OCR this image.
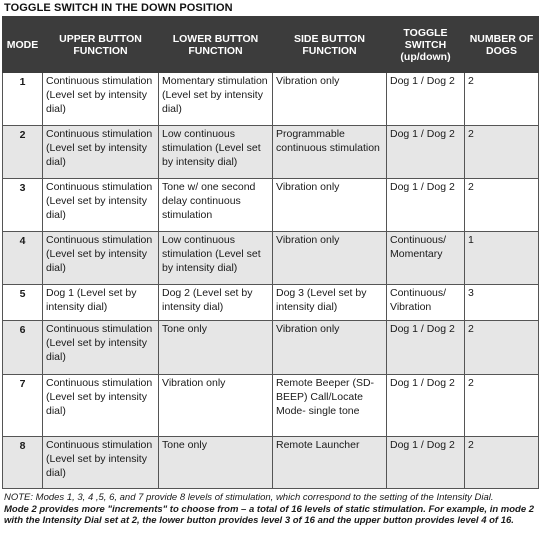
TOGGLE SWITCH IN THE DOWN POSITION
MODE	UPPER BUTTON FUNCTION	LOWER BUTTON FUNCTION	SIDE BUTTON FUNCTION	TOGGLE SWITCH (up/down)	NUMBER OF DOGS
1	Continuous stimulation (Level set by intensity dial)	Momentary stimulation (Level set by intensity dial)	Vibration only	Dog 1 / Dog 2	2
2	Continuous stimulation (Level set by intensity dial)	Low continuous stimulation (Level set by intensity dial)	Programmable continuous stimulation	Dog 1 / Dog 2	2
3	Continuous stimulation (Level set by intensity dial)	Tone w/ one second delay continuous stimulation	Vibration only	Dog 1 / Dog 2	2
4	Continuous stimulation (Level set by intensity dial)	Low continuous stimulation (Level set by intensity dial)	Vibration only	Continuous/ Momentary	1
5	Dog 1 (Level set by intensity dial)	Dog 2 (Level set by intensity dial)	Dog 3 (Level set by intensity dial)	Continuous/ Vibration	3
6	Continuous stimulation (Level set by intensity dial)	Tone only	Vibration only	Dog 1 / Dog 2	2
7	Continuous stimulation (Level set by intensity dial)	Vibration only	Remote Beeper (SD-BEEP) Call/Locate Mode- single tone	Dog 1 / Dog 2	2
8	Continuous stimulation (Level set by intensity dial)	Tone only	Remote Launcher	Dog 1 / Dog 2	2
NOTE: Modes 1, 3, 4 ,5, 6, and 7 provide 8 levels of stimulation, which correspond to the setting of the Intensity Dial.
Mode 2 provides more "increments" to choose from – a total of 16 levels of static stimulation. For example, in mode 2 with the Intensity Dial set at 2, the lower button provides level 3 of 16 and the upper button provides level 4 of 16.
